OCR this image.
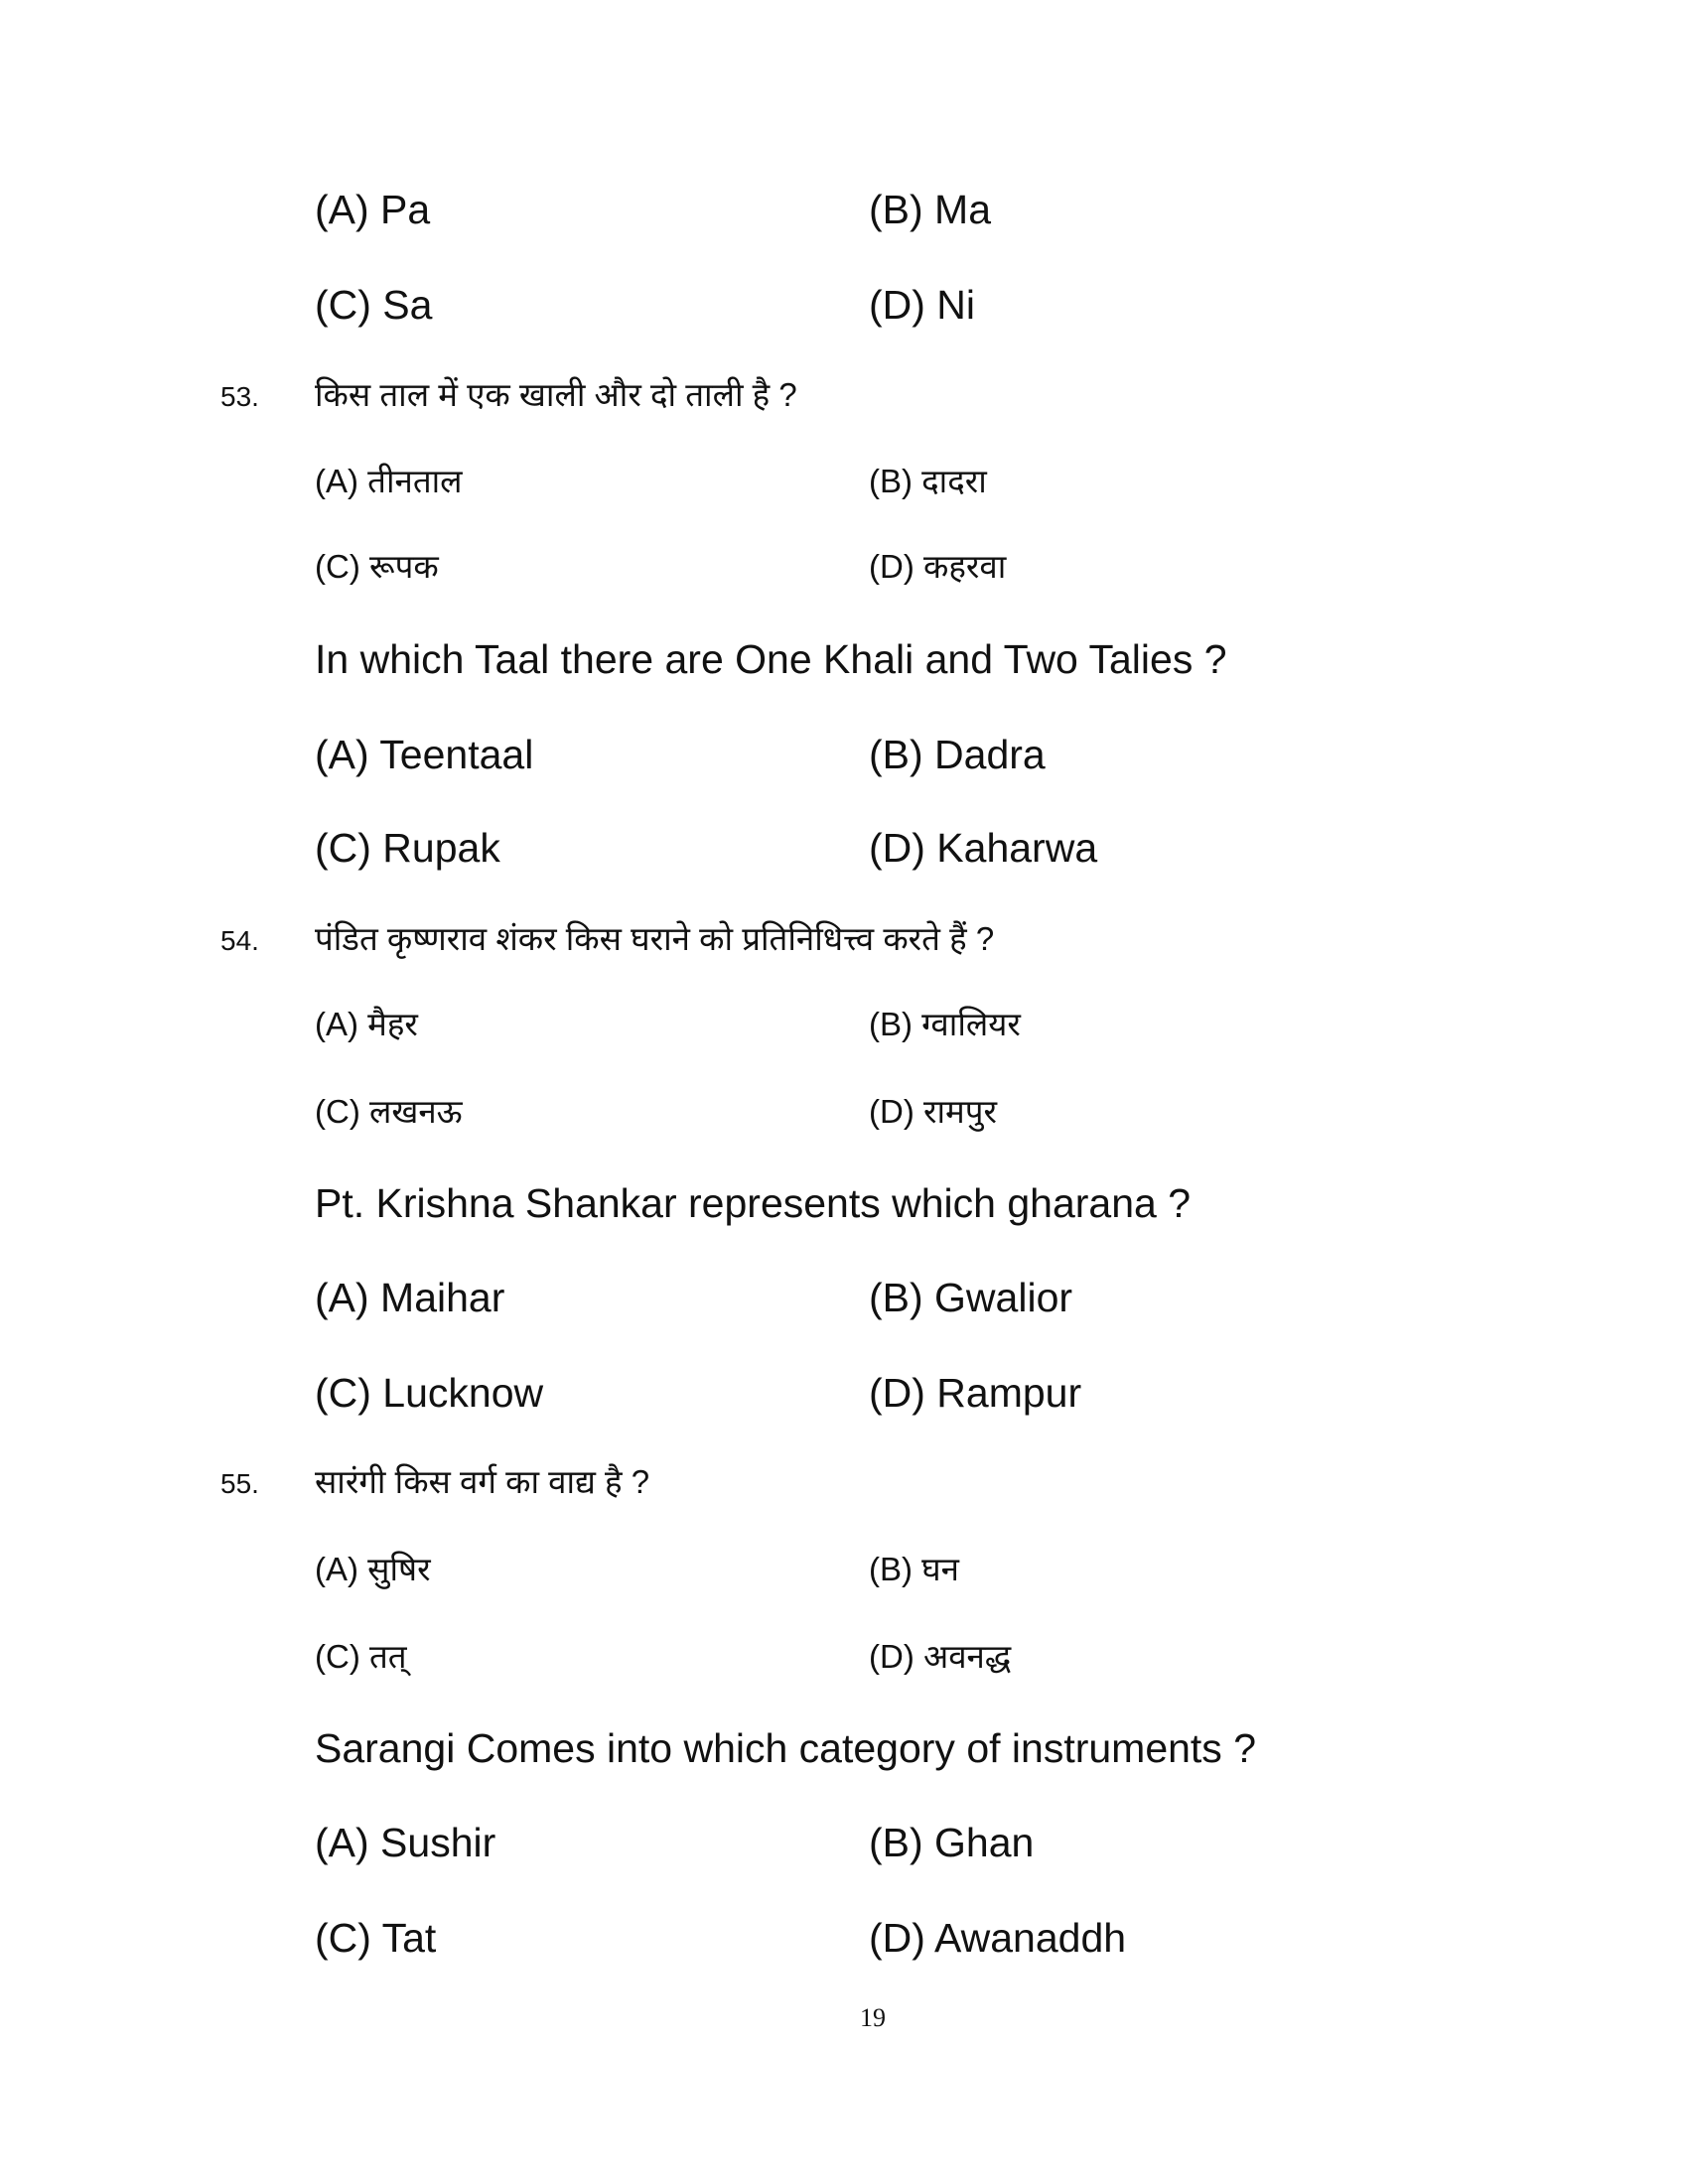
(A) Pa	(B) Ma
(C) Sa	(D) Ni
53. किस ताल में एक खाली और दो ताली है ?
(A) तीनताल	(B) दादरा
(C) रूपक	(D) कहरवा
In which Taal there are One Khali and Two Talies ?
(A) Teentaal	(B) Dadra
(C) Rupak	(D) Kaharwa
54. पंडित कृष्णराव शंकर किस घराने को प्रतिनिधित्त्व करते हैं ?
(A) मैहर	(B) ग्वालियर
(C) लखनऊ	(D) रामपुर
Pt. Krishna Shankar represents which gharana ?
(A) Maihar	(B) Gwalior
(C) Lucknow	(D) Rampur
55. सारंगी किस वर्ग का वाद्य है ?
(A) सुषिर	(B) घन
(C) तत्	(D) अवनद्ध
Sarangi Comes into which category of instruments ?
(A) Sushir	(B) Ghan
(C) Tat	(D) Awanaddh
19
